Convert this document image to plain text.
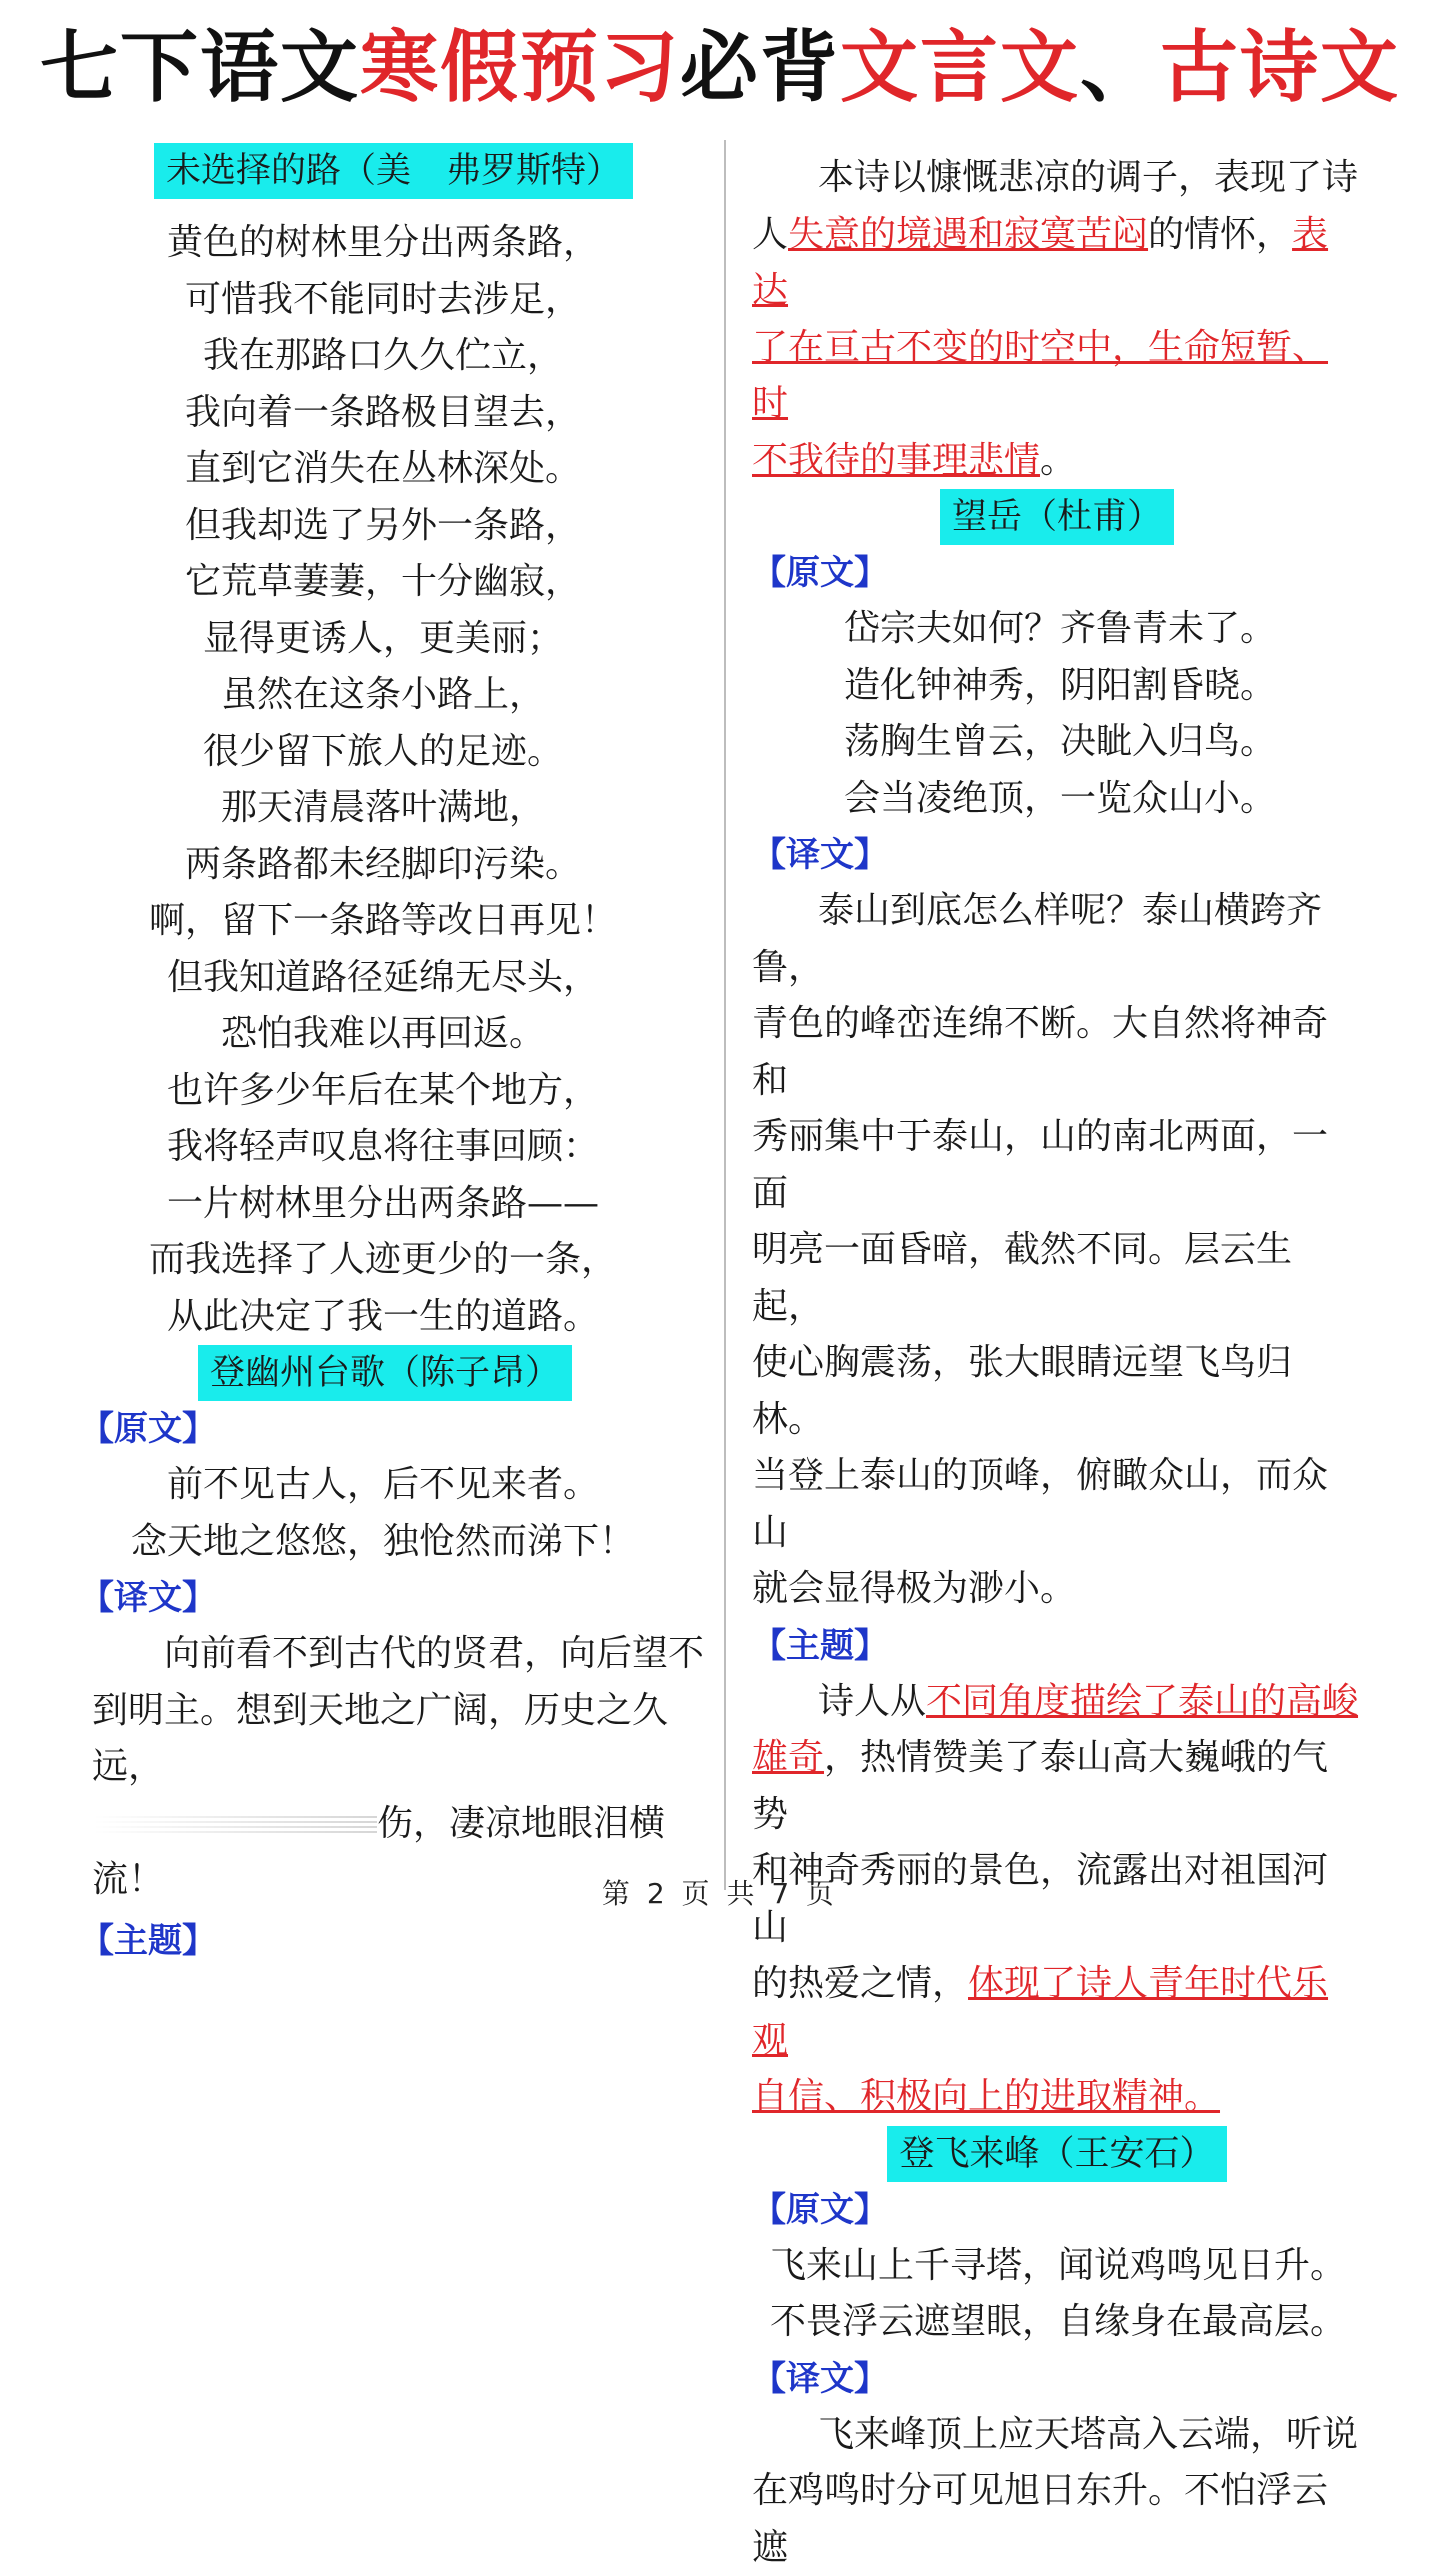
七下语文寒假预习必背文言文、古诗文
未选择的路（美　弗罗斯特）
黄色的树林里分出两条路，
可惜我不能同时去涉足，
我在那路口久久伫立，
我向着一条路极目望去，
直到它消失在丛林深处。
但我却选了另外一条路，
它荒草萋萋，十分幽寂，
显得更诱人，更美丽；
虽然在这条小路上，
很少留下旅人的足迹。
那天清晨落叶满地，
两条路都未经脚印污染。
啊，留下一条路等改日再见！
但我知道路径延绵无尽头，
恐怕我难以再回返。
也许多少年后在某个地方，
我将轻声叹息将往事回顾：
一片树林里分出两条路——
而我选择了人迹更少的一条，
从此决定了我一生的道路。
登幽州台歌（陈子昂）
【原文】
前不见古人，后不见来者。
念天地之悠悠，独怆然而涕下！
【译文】
向前看不到古代的贤君，向后望不
到明主。想到天地之广阔，历史之久远，
伤，凄凉地眼泪横流！
【主题】
本诗以慷慨悲凉的调子，表现了诗
人失意的境遇和寂寞苦闷的情怀，表达
了在亘古不变的时空中，生命短暂、时
不我待的事理悲情。
望岳（杜甫）
【原文】
岱宗夫如何？齐鲁青未了。
造化钟神秀，阴阳割昏晓。
荡胸生曾云，决眦入归鸟。
会当凌绝顶，一览众山小。
【译文】
泰山到底怎么样呢？泰山横跨齐鲁，
青色的峰峦连绵不断。大自然将神奇和
秀丽集中于泰山，山的南北两面，一面
明亮一面昏暗，截然不同。层云生起，
使心胸震荡，张大眼睛远望飞鸟归林。
当登上泰山的顶峰，俯瞰众山，而众山
就会显得极为渺小。
【主题】
诗人从不同角度描绘了泰山的高峻
雄奇，热情赞美了泰山高大巍峨的气势
和神奇秀丽的景色，流露出对祖国河山
的热爱之情，体现了诗人青年时代乐观
自信、积极向上的进取精神。
登飞来峰（王安石）
【原文】
飞来山上千寻塔，闻说鸡鸣见日升。
不畏浮云遮望眼，自缘身在最高层。
【译文】
飞来峰顶上应天塔高入云端，听说
在鸡鸣时分可见旭日东升。不怕浮云遮
第 2 页 共 7 页
